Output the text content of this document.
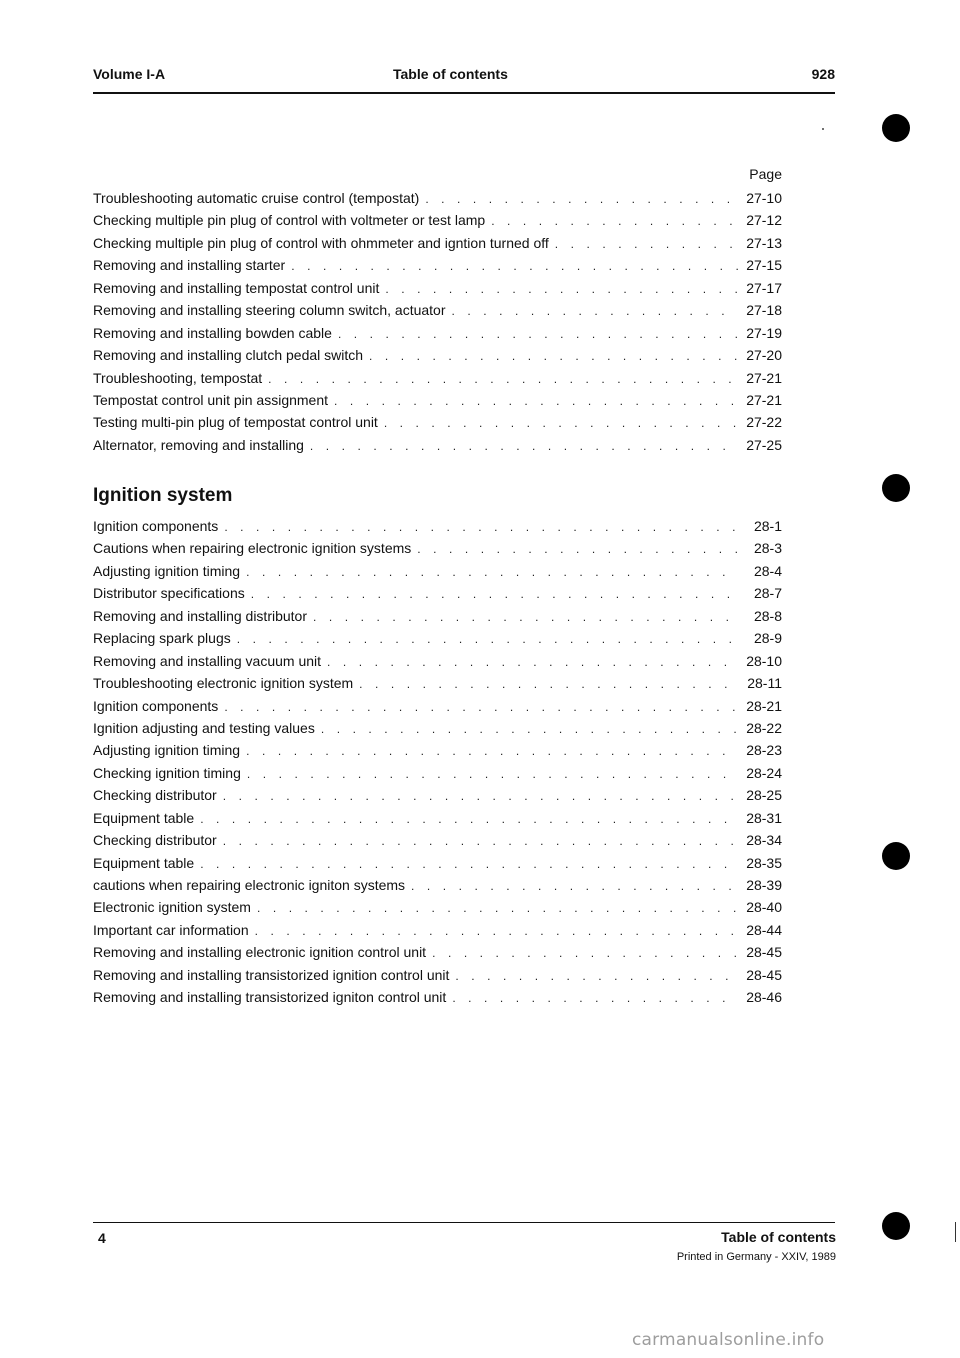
Volume I-A	Table of contents	928
Page
Troubleshooting automatic cruise control (tempostat) . . .	27-10
Checking multiple pin plug of control with voltmeter or test lamp . . .	27-12
Checking multiple pin plug of control with ohmmeter and igntion turned off . . .	27-13
Removing and installing starter . . .	27-15
Removing and installing tempostat control unit . . .	27-17
Removing and installing steering column switch, actuator . . .	27-18
Removing and installing bowden cable . . .	27-19
Removing and installing clutch pedal switch . . .	27-20
Troubleshooting, tempostat . . .	27-21
Tempostat control unit pin assignment . . .	27-21
Testing multi-pin plug of tempostat control unit . . .	27-22
Alternator, removing and installing . . .	27-25
Ignition system
Ignition components . . .	28-1
Cautions when repairing electronic ignition systems . . .	28-3
Adjusting ignition timing . . .	28-4
Distributor specifications . . .	28-7
Removing and installing distributor . . .	28-8
Replacing spark plugs . . .	28-9
Removing and installing vacuum unit . . .	28-10
Troubleshooting electronic ignition system . . .	28-11
Ignition components . . .	28-21
Ignition adjusting and testing values . . .	28-22
Adjusting ignition timing . . .	28-23
Checking ignition timing . . .	28-24
Checking distributor . . .	28-25
Equipment table . . .	28-31
Checking distributor . . .	28-34
Equipment table . . .	28-35
cautions when repairing electronic igniton systems . . .	28-39
Electronic ignition system . . .	28-40
Important car information . . .	28-44
Removing and installing electronic ignition control unit . . .	28-45
Removing and installing transistorized ignition control unit . . .	28-45
Removing and installing transistorized igniton control unit . . .	28-46
4	Table of contents
Printed in Germany - XXIV, 1989
carmanualsonline.info
